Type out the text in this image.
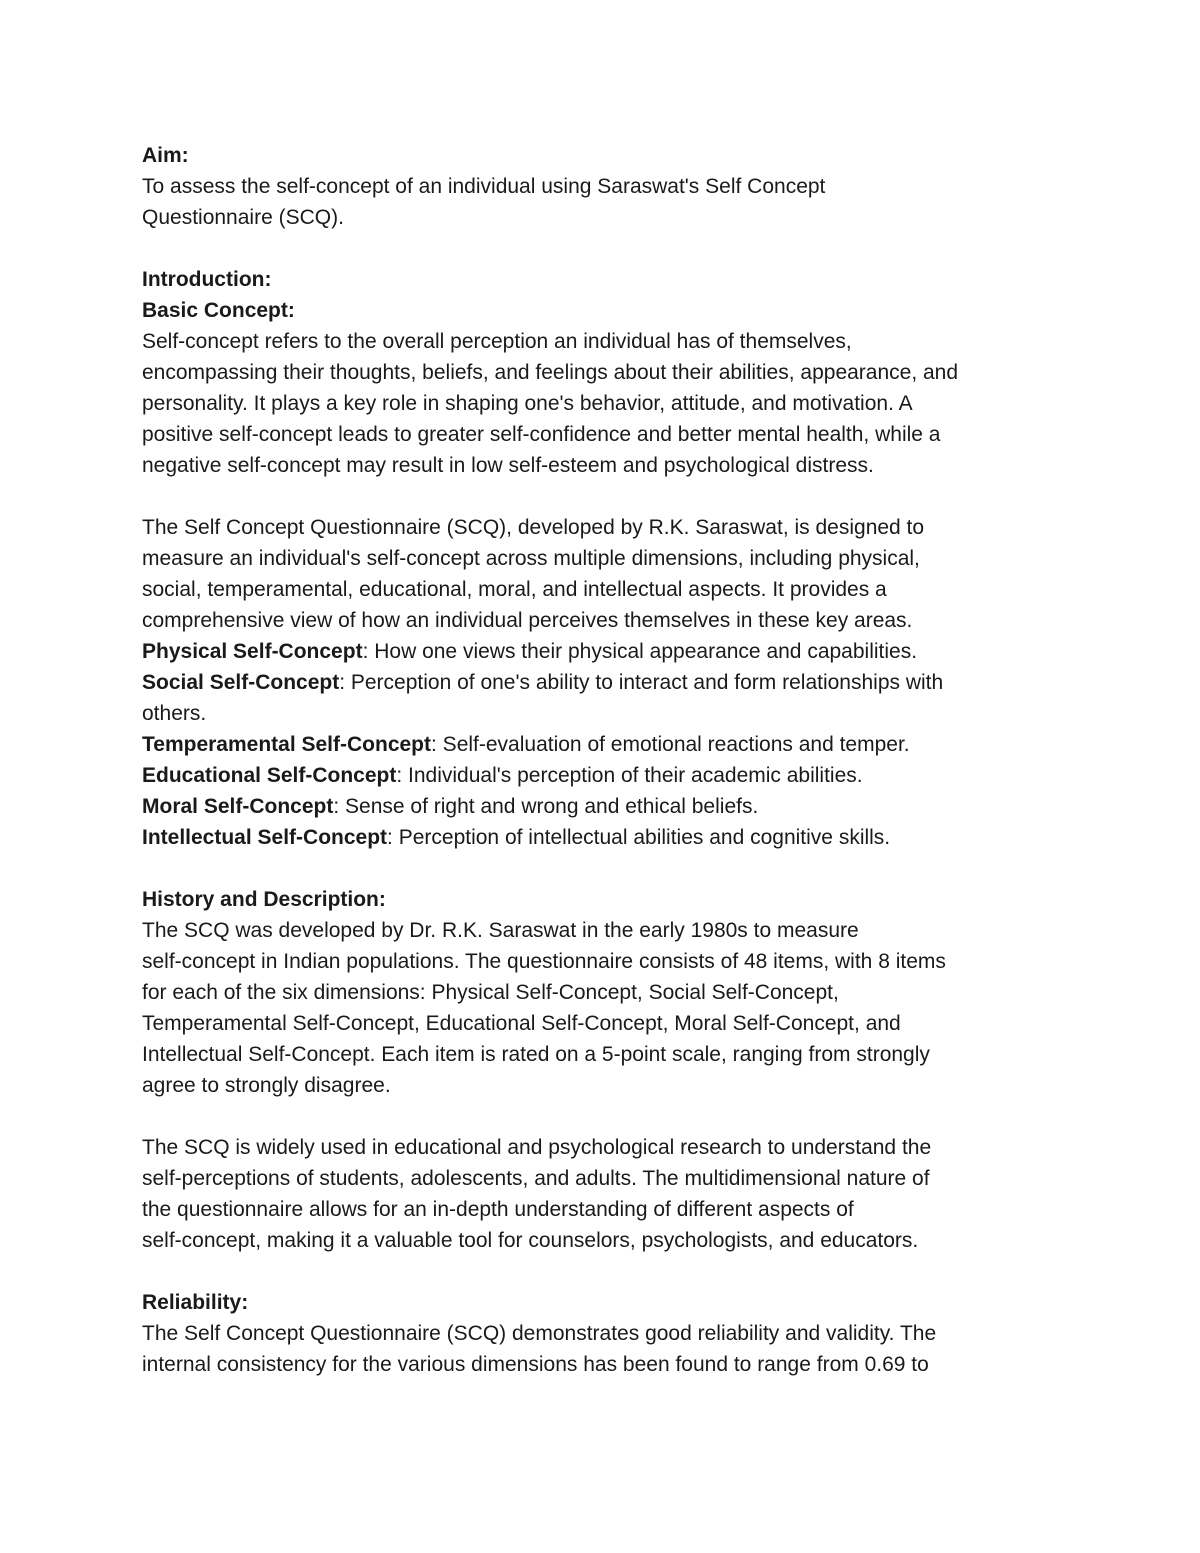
Aim:
To assess the self-concept of an individual using Saraswat's Self Concept
Questionnaire (SCQ).
Introduction:
Basic Concept:
Self-concept refers to the overall perception an individual has of themselves,
encompassing their thoughts, beliefs, and feelings about their abilities, appearance, and
personality. It plays a key role in shaping one's behavior, attitude, and motivation. A
positive self-concept leads to greater self-confidence and better mental health, while a
negative self-concept may result in low self-esteem and psychological distress.
The Self Concept Questionnaire (SCQ), developed by R.K. Saraswat, is designed to
measure an individual's self-concept across multiple dimensions, including physical,
social, temperamental, educational, moral, and intellectual aspects. It provides a
comprehensive view of how an individual perceives themselves in these key areas.
Physical Self-Concept: How one views their physical appearance and capabilities.
Social Self-Concept: Perception of one's ability to interact and form relationships with
others.
Temperamental Self-Concept: Self-evaluation of emotional reactions and temper.
Educational Self-Concept: Individual's perception of their academic abilities.
Moral Self-Concept: Sense of right and wrong and ethical beliefs.
Intellectual Self-Concept: Perception of intellectual abilities and cognitive skills.
History and Description:
The SCQ was developed by Dr. R.K. Saraswat in the early 1980s to measure
self-concept in Indian populations. The questionnaire consists of 48 items, with 8 items
for each of the six dimensions: Physical Self-Concept, Social Self-Concept,
Temperamental Self-Concept, Educational Self-Concept, Moral Self-Concept, and
Intellectual Self-Concept. Each item is rated on a 5-point scale, ranging from strongly
agree to strongly disagree.
The SCQ is widely used in educational and psychological research to understand the
self-perceptions of students, adolescents, and adults. The multidimensional nature of
the questionnaire allows for an in-depth understanding of different aspects of
self-concept, making it a valuable tool for counselors, psychologists, and educators.
Reliability:
The Self Concept Questionnaire (SCQ) demonstrates good reliability and validity. The
internal consistency for the various dimensions has been found to range from 0.69 to
